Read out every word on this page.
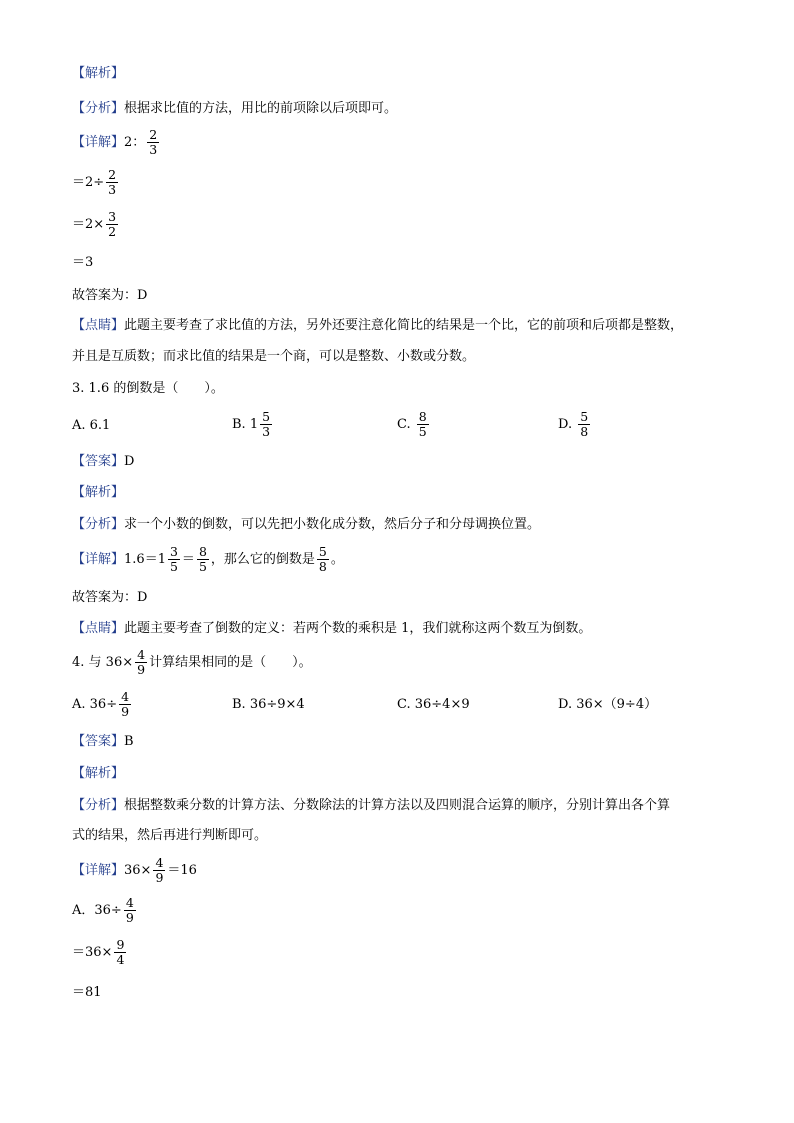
【解析】
【分析】根据求比值的方法，用比的前项除以后项即可。
【详解】2： $\frac{2}{3}$
$=2\div \frac{2}{3}$
$=2\times \frac{3}{2}$
＝3
故答案为：D
【点睛】此题主要考查了求比值的方法，另外还要注意化简比的结果是一个比，它的前项和后项都是整数，
并且是互质数；而求比值的结果是一个商，可以是整数、小数或分数。
3. 1.6 的倒数是（　　）。
A. 6.1	B. $1 \frac{5}{3}$	C. $\frac{8}{5}$	D. $\frac{5}{8}$
【答案】D
【解析】
【分析】求一个小数的倒数，可以先把小数化成分数，然后分子和分母调换位置。
【详解】$1.6=1 \frac{3}{5} = \frac{8}{5}$ ，那么它的倒数是 $\frac{5}{8}$ 。
故答案为：D
【点睛】此题主要考查了倒数的定义：若两个数的乘积是 1，我们就称这两个数互为倒数。
4. 与 $36\times \frac{4}{9}$ 计算结果相同的是（　　）。
A. $36\div \frac{4}{9}$	B. 36÷9×4	C. 36÷4×9	D. 36×（9÷4）
【答案】B
【解析】
【分析】根据整数乘分数的计算方法、分数除法的计算方法以及四则混合运算的顺序，分别计算出各个算
式的结果，然后再进行判断即可。
【详解】$36\times \frac{4}{9} =16$
A．$36\div \frac{4}{9}$
$=36\times \frac{9}{4}$
＝81
